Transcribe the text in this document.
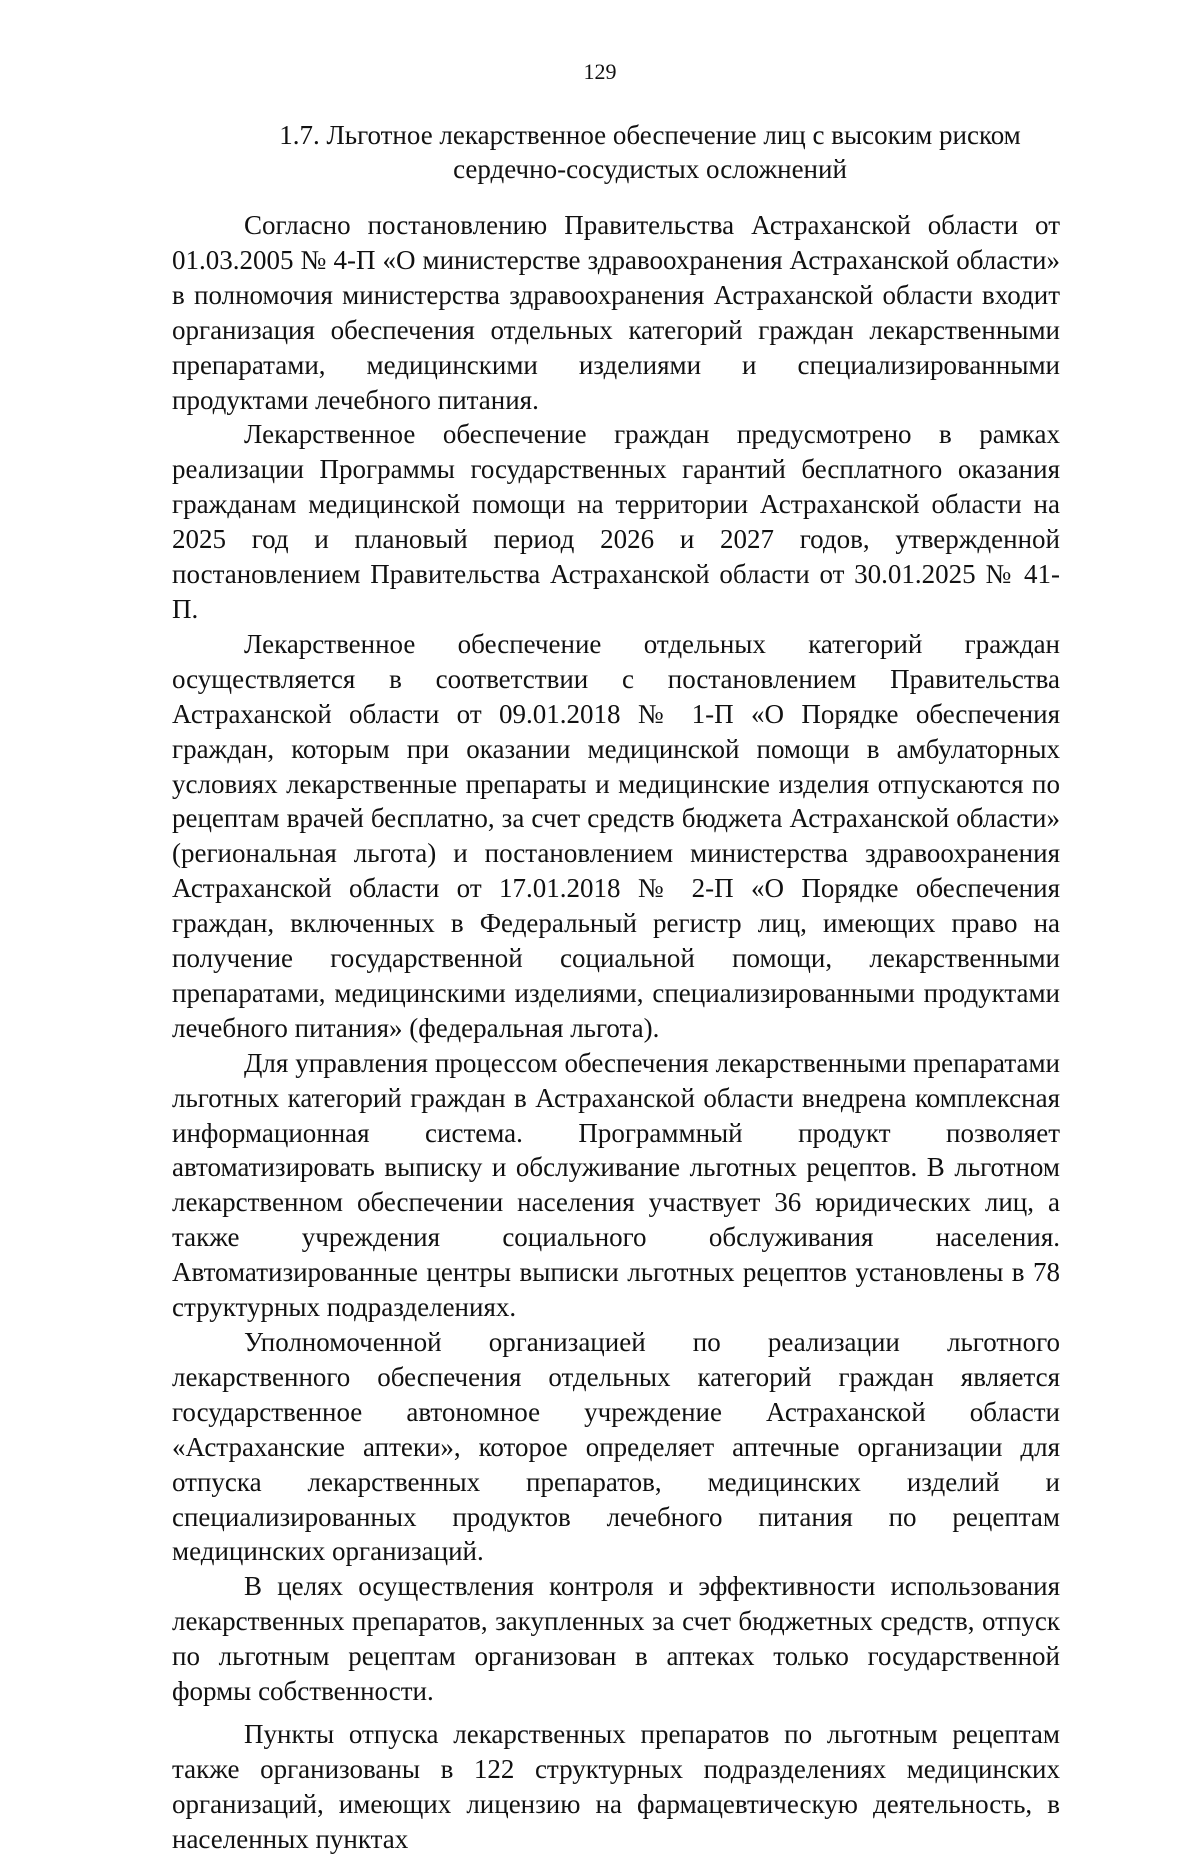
129
1.7. Льготное лекарственное обеспечение лиц с высоким риском сердечно-сосудистых осложнений

Согласно постановлению Правительства Астраханской области от 01.03.2005 № 4-П «О министерстве здравоохранения Астраханской области» в полномочия министерства здравоохранения Астраханской области входит организация обеспечения отдельных категорий граждан лекарственными препаратами, медицинскими изделиями и специализированными продуктами лечебного питания.

Лекарственное обеспечение граждан предусмотрено в рамках реализации Программы государственных гарантий бесплатного оказания гражданам медицинской помощи на территории Астраханской области на 2025 год и плановый период 2026 и 2027 годов, утвержденной постановлением Правительства Астраханской области от 30.01.2025 № 41-П.

Лекарственное обеспечение отдельных категорий граждан осуществляется в соответствии с постановлением Правительства Астраханской области от 09.01.2018 № 1-П «О Порядке обеспечения граждан, которым при оказании медицинской помощи в амбулаторных условиях лекарственные препараты и медицинские изделия отпускаются по рецептам врачей бесплатно, за счет средств бюджета Астраханской области» (региональная льгота) и постановлением министерства здравоохранения Астраханской области от 17.01.2018 № 2-П «О Порядке обеспечения граждан, включенных в Федеральный регистр лиц, имеющих право на получение государственной социальной помощи, лекарственными препаратами, медицинскими изделиями, специализированными продуктами лечебного питания» (федеральная льгота).

Для управления процессом обеспечения лекарственными препаратами льготных категорий граждан в Астраханской области внедрена комплексная информационная система. Программный продукт позволяет автоматизировать выписку и обслуживание льготных рецептов. В льготном лекарственном обеспечении населения участвует 36 юридических лиц, а также учреждения социального обслуживания населения. Автоматизированные центры выписки льготных рецептов установлены в 78 структурных подразделениях.

Уполномоченной организацией по реализации льготного лекарственного обеспечения отдельных категорий граждан является государственное автономное учреждение Астраханской области «Астраханские аптеки», которое определяет аптечные организации для отпуска лекарственных препаратов, медицинских изделий и специализированных продуктов лечебного питания по рецептам медицинских организаций.

В целях осуществления контроля и эффективности использования лекарственных препаратов, закупленных за счет бюджетных средств, отпуск по льготным рецептам организован в аптеках только государственной формы собственности.

Пункты отпуска лекарственных препаратов по льготным рецептам также организованы в 122 структурных подразделениях медицинских организаций, имеющих лицензию на фармацевтическую деятельность, в населенных пунктах
